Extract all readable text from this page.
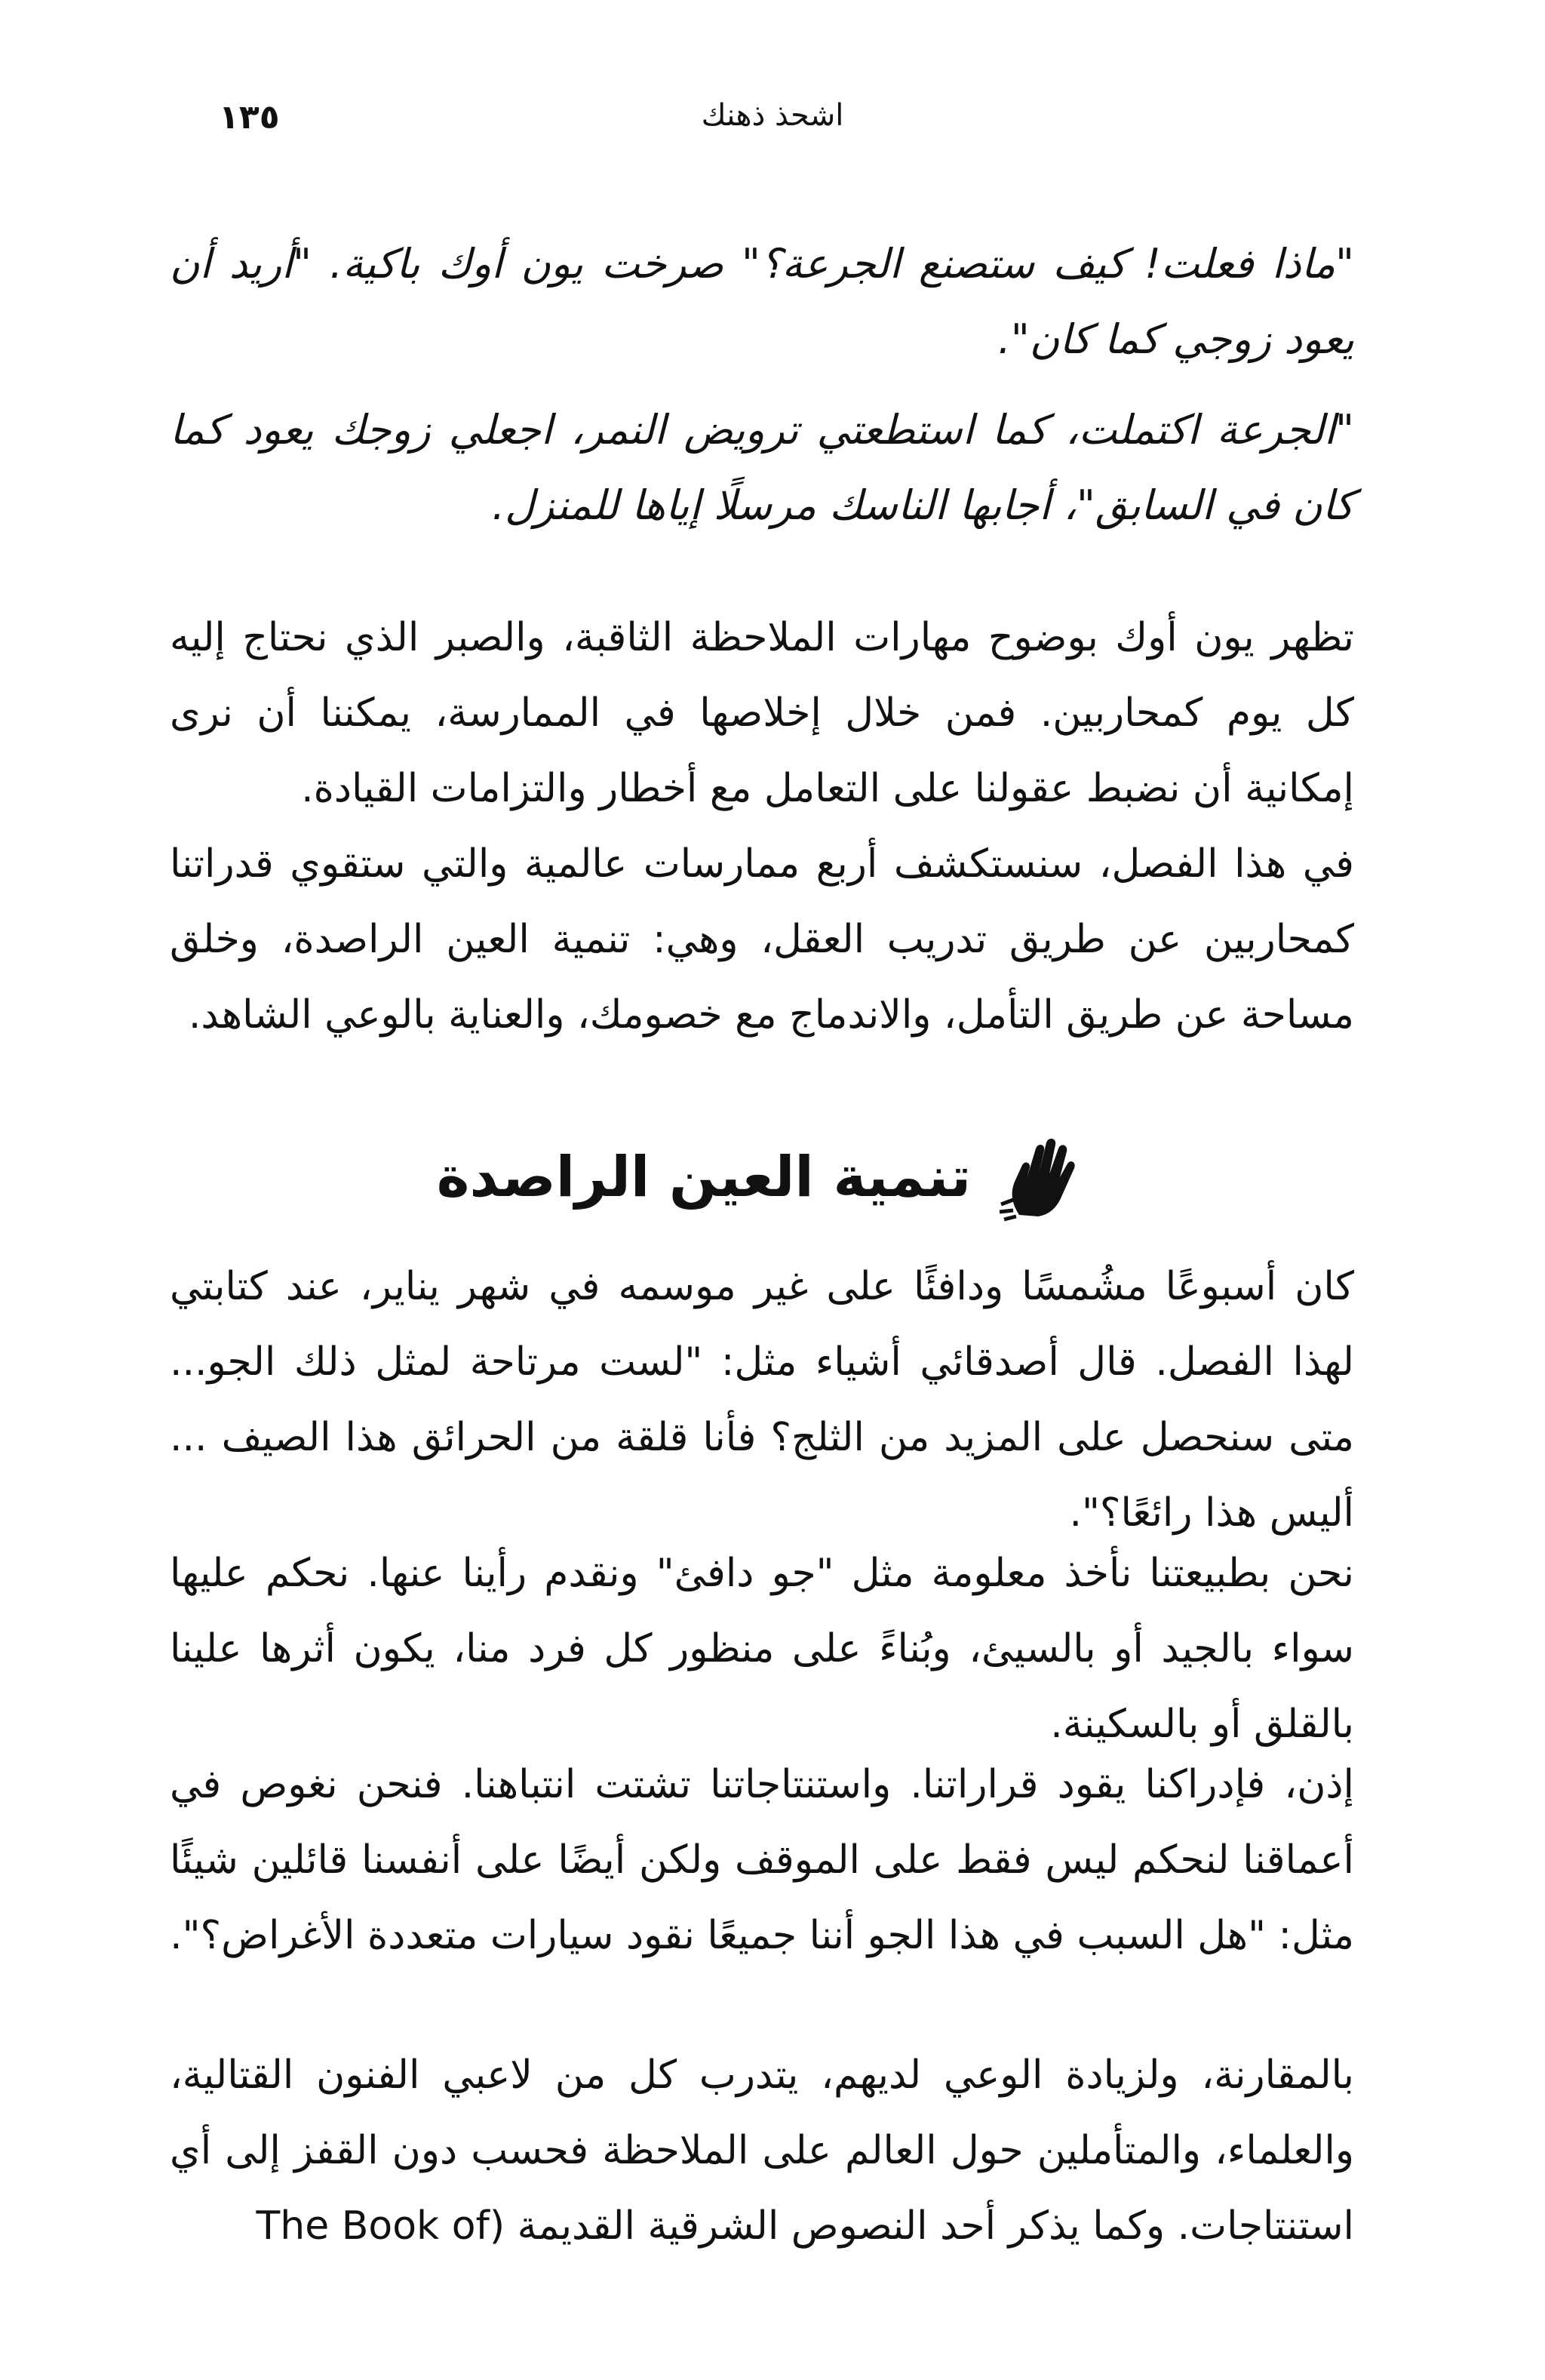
١٣٥	اشحذ ذهنك

"ماذا فعلت! كيف ستصنع الجرعة؟" صرخت يون أوك باكية. "أريد أن يعود زوجي كما كان".

"الجرعة اكتملت، كما استطعتي ترويض النمر، اجعلي زوجك يعود كما كان في السابق"، أجابها الناسك مرسلًا إياها للمنزل.

تظهر يون أوك بوضوح مهارات الملاحظة الثاقبة، والصبر الذي نحتاج إليه كل يوم كمحاربين. فمن خلال إخلاصها في الممارسة، يمكننا أن نرى إمكانية أن نضبط عقولنا على التعامل مع أخطار والتزامات القيادة.

في هذا الفصل، سنستكشف أربع ممارسات عالمية والتي ستقوي قدراتنا كمحاربين عن طريق تدريب العقل، وهي: تنمية العين الراصدة، وخلق مساحة عن طريق التأمل، والاندماج مع خصومك، والعناية بالوعي الشاهد.

تنمية العين الراصدة

كان أسبوعًا مشُمسًا ودافئًا على غير موسمه في شهر يناير، عند كتابتي لهذا الفصل. قال أصدقائي أشياء مثل: "لست مرتاحة لمثل ذلك الجو... متى سنحصل على المزيد من الثلج؟ فأنا قلقة من الحرائق هذا الصيف ... أليس هذا رائعًا؟".

نحن بطبيعتنا نأخذ معلومة مثل "جو دافئ" ونقدم رأينا عنها. نحكم عليها سواء بالجيد أو بالسيئ، وبُناءً على منظور كل فرد منا، يكون أثرها علينا بالقلق أو بالسكينة.

إذن، فإدراكنا يقود قراراتنا. واستنتاجاتنا تشتت انتباهنا. فنحن نغوص في أعماقنا لنحكم ليس فقط على الموقف ولكن أيضًا على أنفسنا قائلين شيئًا مثل: "هل السبب في هذا الجو أننا جميعًا نقود سيارات متعددة الأغراض؟".

بالمقارنة، ولزيادة الوعي لديهم، يتدرب كل من لاعبي الفنون القتالية، والعلماء، والمتأملين حول العالم على الملاحظة فحسب دون القفز إلى أي استنتاجات. وكما يذكر أحد النصوص الشرقية القديمة (The Book of
